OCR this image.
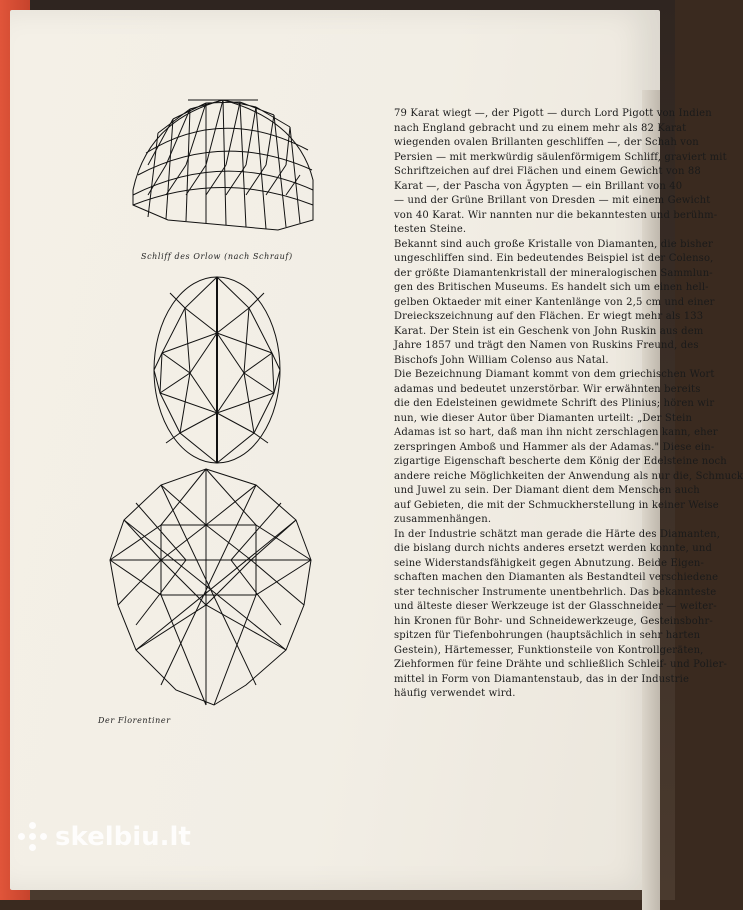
Schliff des Orlow (nach Schrauf)
Der Florentiner

79 Karat wiegt —, der Pigott — durch Lord Pigott von Indien

nach England gebracht und zu einem mehr als 82 Karat

wiegenden ovalen Brillanten geschliffen —, der Schah von

Persien — mit merkwürdig säulenförmigem Schliff, graviert mit

Schriftzeichen auf drei Flächen und einem Gewicht von 88

Karat —, der Pascha von Ägypten — ein Brillant von 40

— und der Grüne Brillant von Dresden — mit einem Gewicht

von 40 Karat. Wir nannten nur die bekanntesten und berühm-

testen Steine.

Bekannt sind auch große Kristalle von Diamanten, die bisher

ungeschliffen sind. Ein bedeutendes Beispiel ist der Colenso,

der größte Diamantenkristall der mineralogischen Sammlun-

gen des Britischen Museums. Es handelt sich um einen hell-

gelben Oktaeder mit einer Kantenlänge von 2,5 cm und einer

Dreieckszeichnung auf den Flächen. Er wiegt mehr als 133

Karat. Der Stein ist ein Geschenk von John Ruskin aus dem

Jahre 1857 und trägt den Namen von Ruskins Freund, des

Bischofs John William Colenso aus Natal.

Die Bezeichnung Diamant kommt von dem griechischen Wort

adamas und bedeutet unzerstörbar. Wir erwähnten bereits

die den Edelsteinen gewidmete Schrift des Plinius; hören wir

nun, wie dieser Autor über Diamanten urteilt: „Der Stein

Adamas ist so hart, daß man ihn nicht zerschlagen kann, eher

zerspringen Amboß und Hammer als der Adamas." Diese ein-

zigartige Eigenschaft bescherte dem König der Edelsteine noch

andere reiche Möglichkeiten der Anwendung als nur die, Schmuck

und Juwel zu sein. Der Diamant dient dem Menschen auch

auf Gebieten, die mit der Schmuckherstellung in keiner Weise

zusammenhängen.

In der Industrie schätzt man gerade die Härte des Diamanten,

die bislang durch nichts anderes ersetzt werden konnte, und

seine Widerstandsfähigkeit gegen Abnutzung. Beide Eigen-

schaften machen den Diamanten als Bestandteil verschiedene

ster technischer Instrumente unentbehrlich. Das bekannteste

und älteste dieser Werkzeuge ist der Glasschneider — weiter-

hin Kronen für Bohr- und Schneidewerkzeuge, Gesteinsbohr-

spitzen für Tiefenbohrungen (hauptsächlich in sehr harten

Gestein), Härtemesser, Funktionsteile von Kontrollgeräten,

Ziehformen für feine Drähte und schließlich Schleif- und Polier-

mittel in Form von Diamantenstaub, das in der Industrie

häufig verwendet wird.

skelbiu.lt
